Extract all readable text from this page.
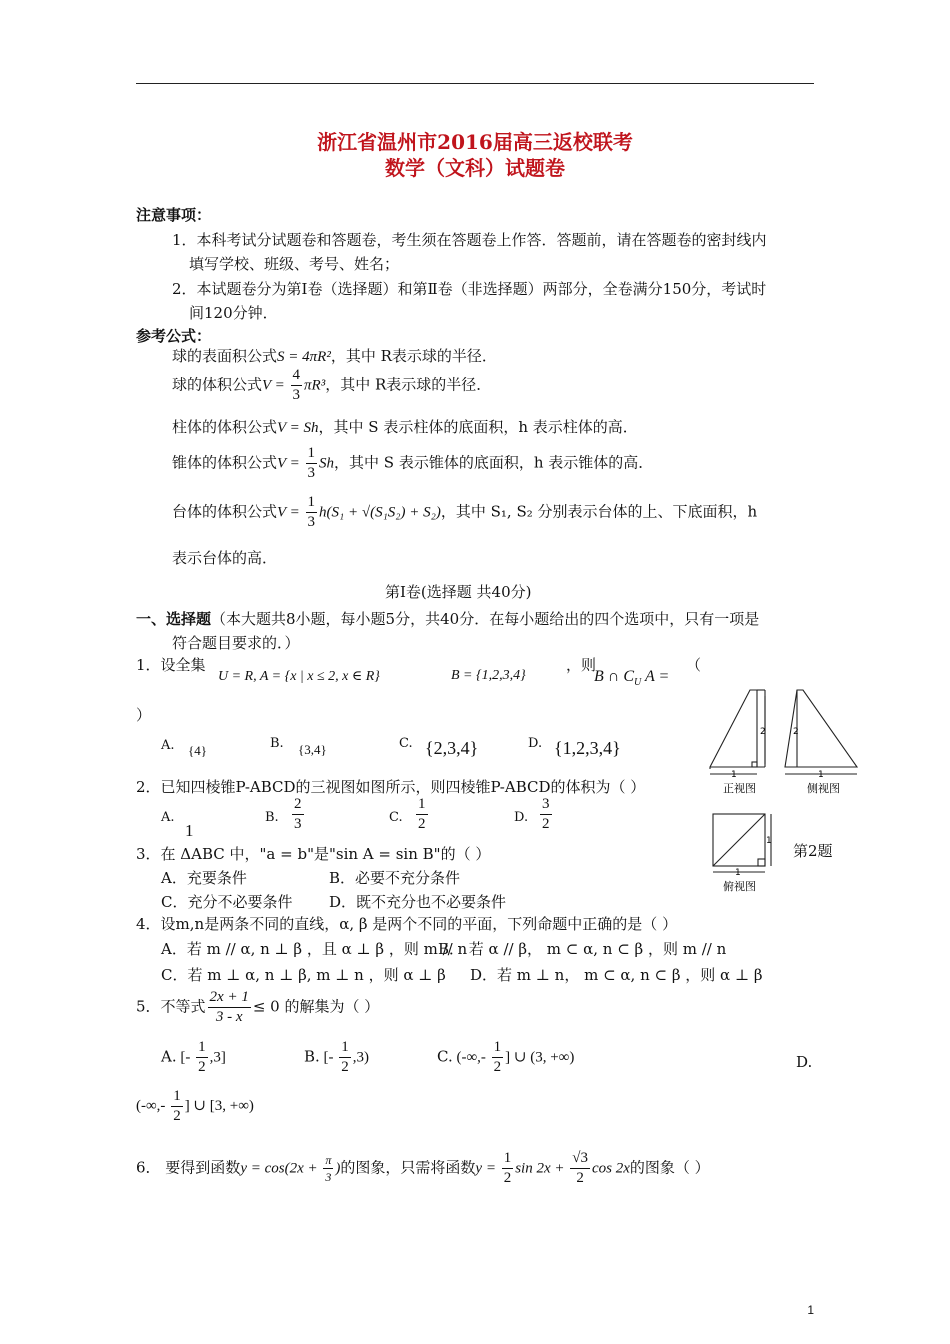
浙江省温州市2016届高三返校联考
数学（文科）试题卷
注意事项：
1．本科考试分试题卷和答题卷，考生须在答题卷上作答．答题前，请在答题卷的密封线内
填写学校、班级、考号、姓名；
2．本试题卷分为第Ⅰ卷（选择题）和第Ⅱ卷（非选择题）两部分，全卷满分150分，考试时
间120分钟．
参考公式：
球的表面积公式S = 4πR²，其中 R表示球的半径．
球的体积公式$V = \frac{4}{3} \pi R^3$，其中 R表示球的半径．
柱体的体积公式V = Sh，其中 S 表示柱体的底面积，h 表示柱体的高．
锥体的体积公式$V = \frac{1}{3}$ Sh，其中 S 表示锥体的底面积，h 表示锥体的高．
台体的体积公式$V = \frac{1}{3} h(S_1 + √(S_1S_2) + S_2)$，其中 S₁, S₂ 分别表示台体的上、下底面积，h
表示台体的高．
第Ⅰ卷(选择题 共40分)
一、选择题（本大题共8小题，每小题5分，共40分．在每小题给出的四个选项中，只有一项是
符合题目要求的．）
1．设全集
U = R, A = {x | x ≤ 2, x ∈ R}	B = {1,2,3,4}
，则
B ∩ $C_U$ A =
（
）
A. {4}	B. {3,4}	C. {2,3,4}	D. {1,2,3,4}
2
1
正视图
2
1
侧视图
1
1
俯视图
第2题
2．已知四棱锥P-ABCD的三视图如图所示，则四棱锥P-ABCD的体积为（ ）
A.
1
B. $\frac{2}{3}$	C. $\frac{1}{2}$	D. $\frac{3}{2}$
3．在 ΔABC 中，"a = b"是"sin A = sin B"的（ ）
A．充要条件	B．必要不充分条件
C．充分不必要条件 D．既不充分也不必要条件
4．设m,n是两条不同的直线，α, β 是两个不同的平面，下列命题中正确的是（ ）
A．若 m // α, n ⊥ β ，且 α ⊥ β ，则 m // n
B． 若 α // β， m ⊂ α, n ⊂ β ，则 m // n
C．若 m ⊥ α, n ⊥ β, m ⊥ n ，则 α ⊥ β D．若 m ⊥ n， m ⊂ α, n ⊂ β ，则 α ⊥ β
5．不等式 $\frac{2x + 1}{3 - x} \le 0$ 的解集为（ ）
A. [- $\frac{1}{2} ,3$]	B. [- $\frac{1}{2} ,3$)	C. (-∞,- $\frac{1}{2}$ ] ∪ (3, +∞)	D.
(-∞,- $\frac{1}{2}$ ] ∪ [3, +∞)
6． 要得到函数$y = \cos(2x + \frac{\pi}{3}$ )的图象，只需将函数$y = \frac{1}{2}$ $\sin 2x + \frac{√3}{2}$ cos 2x的图象（ ）
1
